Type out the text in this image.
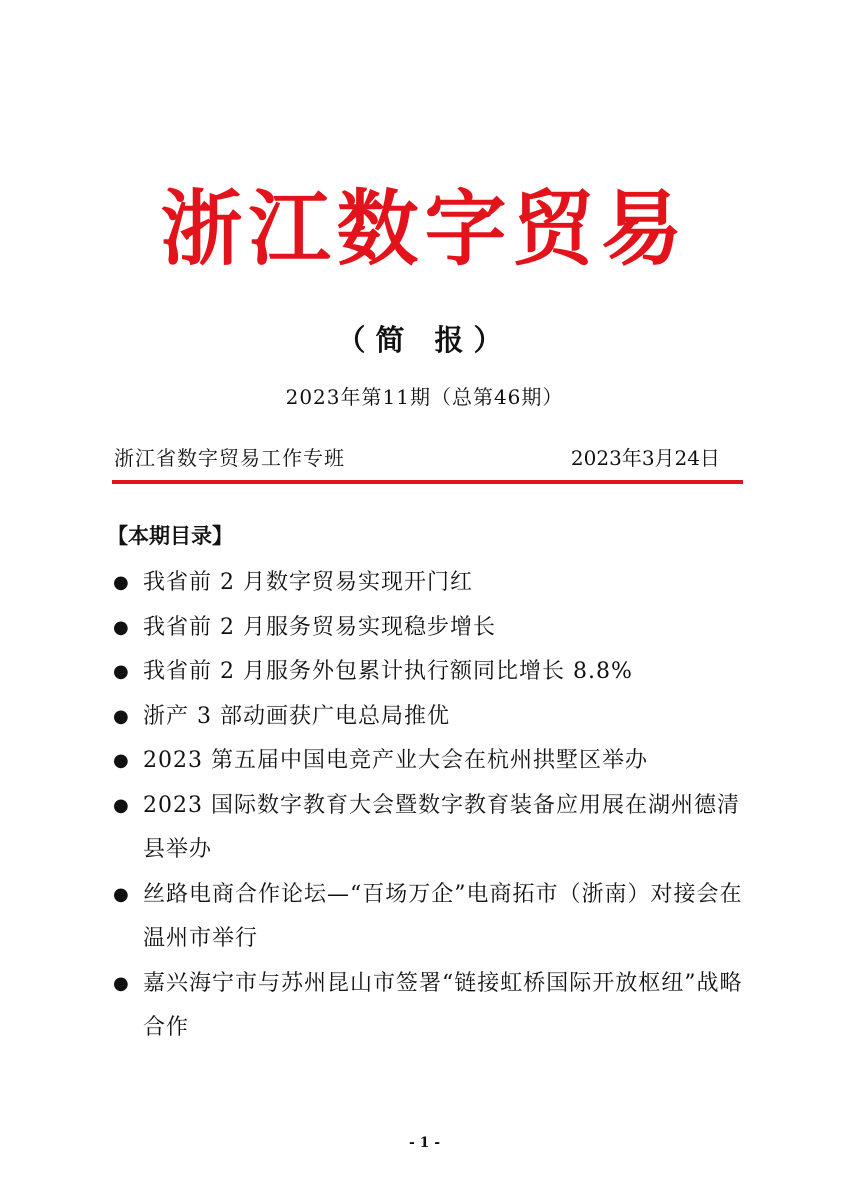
浙江数字贸易
（简 报）
2023年第11期（总第46期）
浙江省数字贸易工作专班	2023年3月24日
【本期目录】
● 我省前 2 月数字贸易实现开门红
● 我省前 2 月服务贸易实现稳步增长
● 我省前 2 月服务外包累计执行额同比增长 8.8%
● 浙产 3 部动画获广电总局推优
● 2023 第五届中国电竞产业大会在杭州拱墅区举办
● 2023 国际数字教育大会暨数字教育装备应用展在湖州德清县举办
● 丝路电商合作论坛—“百场万企”电商拓市（浙南）对接会在温州市举行
● 嘉兴海宁市与苏州昆山市签署“链接虹桥国际开放枢纽”战略合作
- 1 -
